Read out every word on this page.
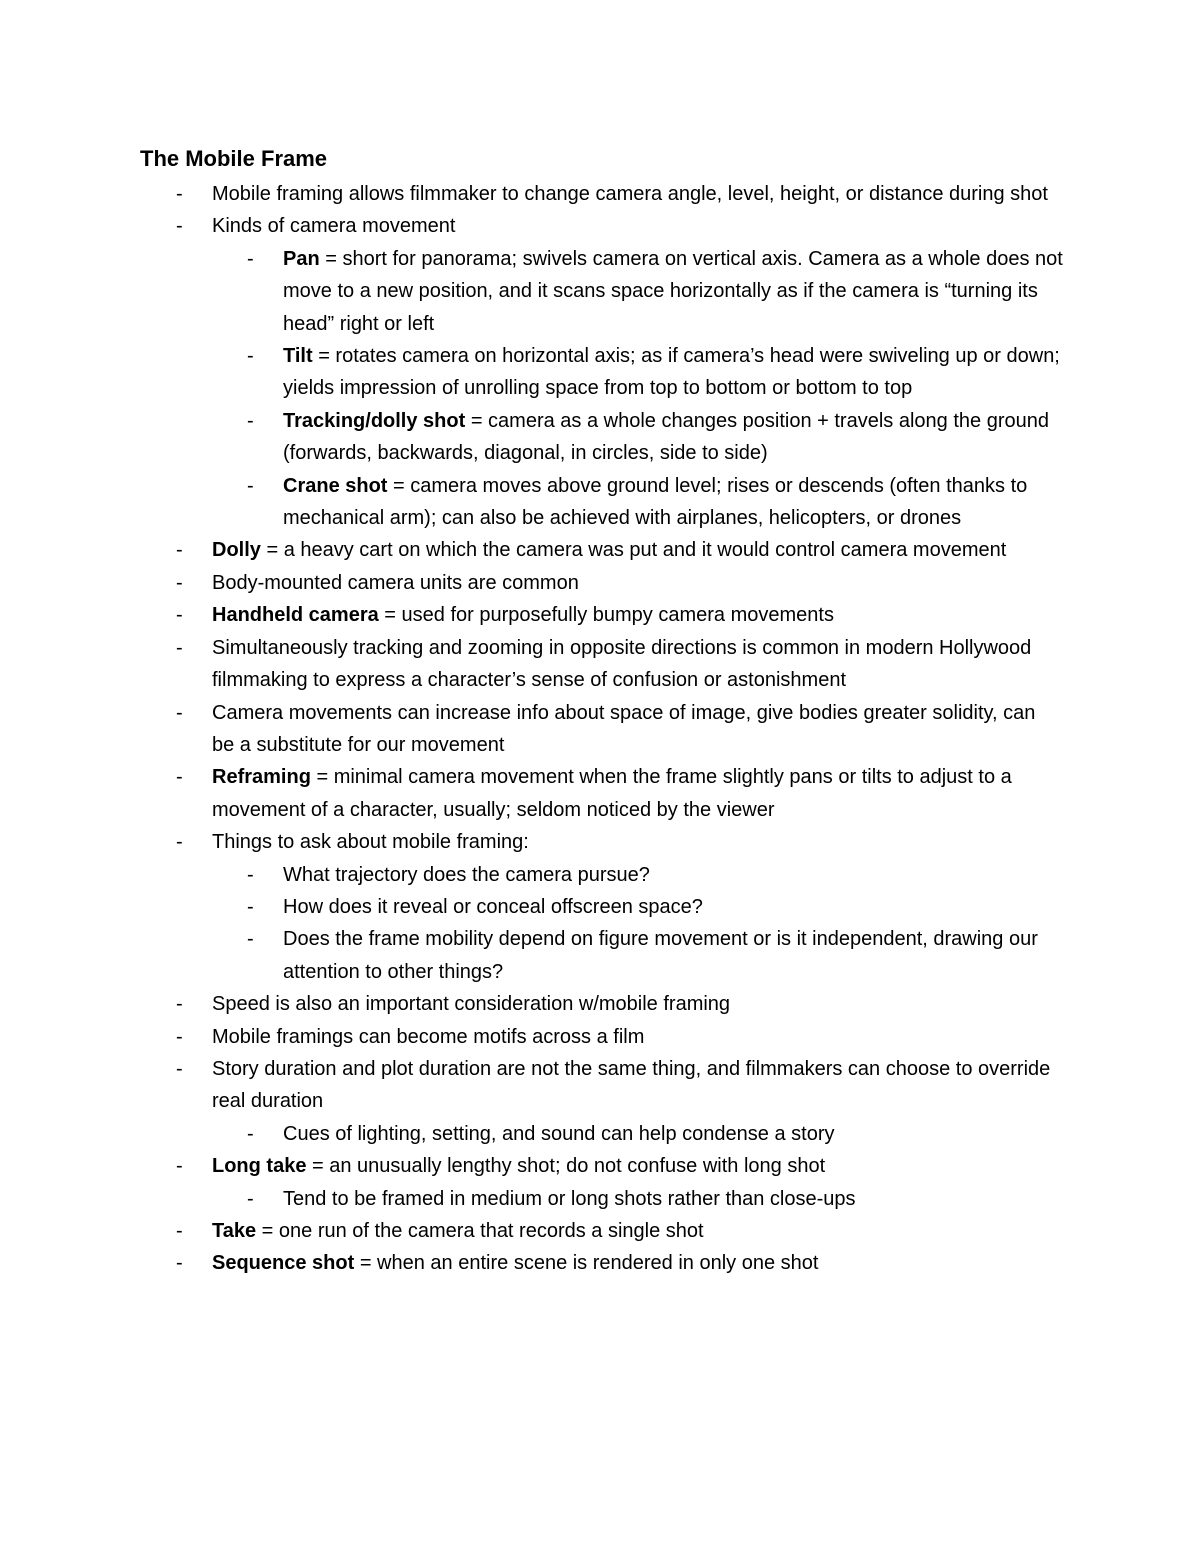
The Mobile Frame
- Mobile framing allows filmmaker to change camera angle, level, height, or distance during shot
- Kinds of camera movement
- Pan = short for panorama; swivels camera on vertical axis. Camera as a whole does not move to a new position, and it scans space horizontally as if the camera is “turning its head” right or left
- Tilt = rotates camera on horizontal axis; as if camera’s head were swiveling up or down; yields impression of unrolling space from top to bottom or bottom to top
- Tracking/dolly shot = camera as a whole changes position + travels along the ground (forwards, backwards, diagonal, in circles, side to side)
- Crane shot = camera moves above ground level; rises or descends (often thanks to mechanical arm); can also be achieved with airplanes, helicopters, or drones
- Dolly = a heavy cart on which the camera was put and it would control camera movement
- Body-mounted camera units are common
- Handheld camera = used for purposefully bumpy camera movements
- Simultaneously tracking and zooming in opposite directions is common in modern Hollywood filmmaking to express a character’s sense of confusion or astonishment
- Camera movements can increase info about space of image, give bodies greater solidity, can be a substitute for our movement
- Reframing = minimal camera movement when the frame slightly pans or tilts to adjust to a movement of a character, usually; seldom noticed by the viewer
- Things to ask about mobile framing:
- What trajectory does the camera pursue?
- How does it reveal or conceal offscreen space?
- Does the frame mobility depend on figure movement or is it independent, drawing our attention to other things?
- Speed is also an important consideration w/mobile framing
- Mobile framings can become motifs across a film
- Story duration and plot duration are not the same thing, and filmmakers can choose to override real duration
- Cues of lighting, setting, and sound can help condense a story
- Long take = an unusually lengthy shot; do not confuse with long shot
- Tend to be framed in medium or long shots rather than close-ups
- Take = one run of the camera that records a single shot
- Sequence shot = when an entire scene is rendered in only one shot
